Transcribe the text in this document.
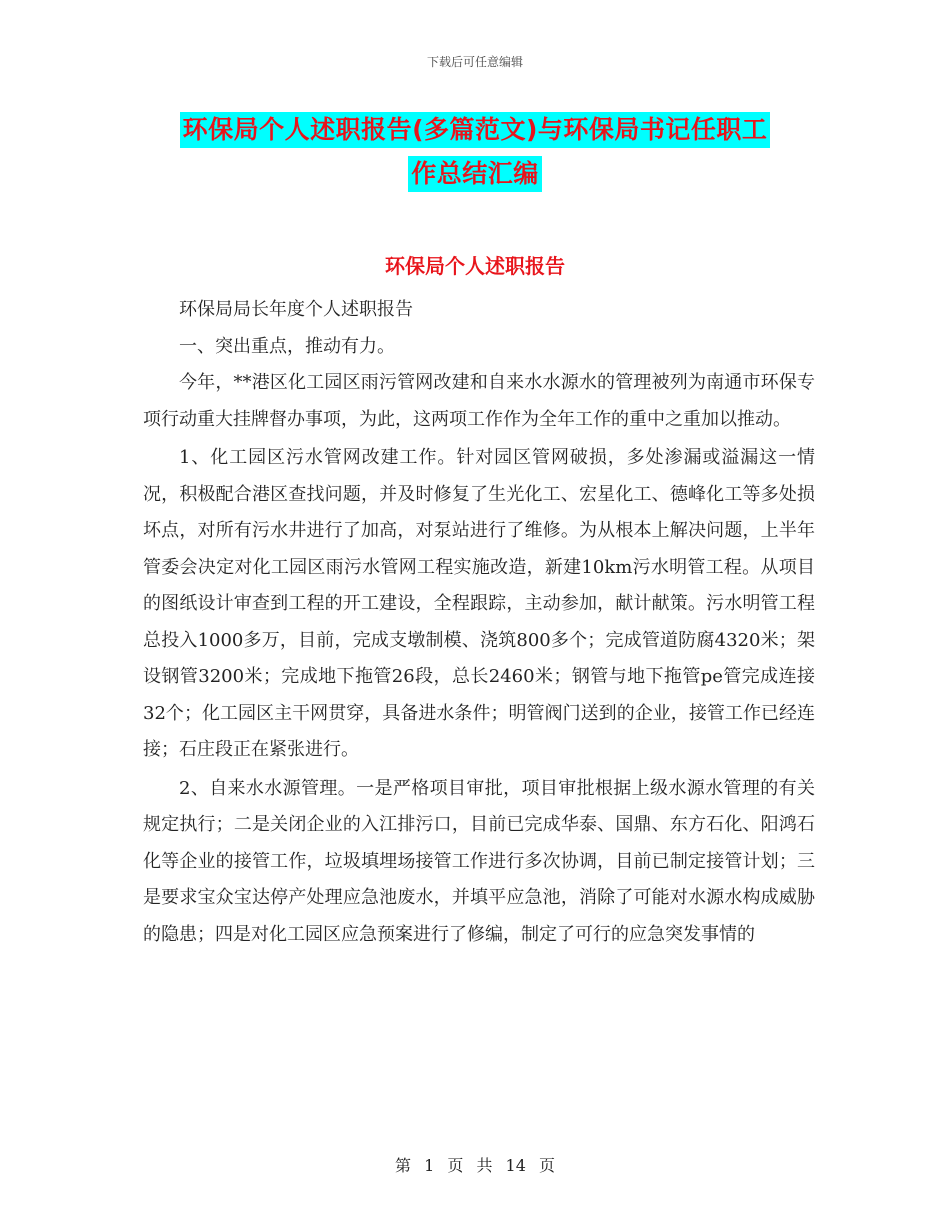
下载后可任意编辑
环保局个人述职报告(多篇范文)与环保局书记任职工
作总结汇编
环保局个人述职报告

环保局局长年度个人述职报告

一、突出重点，推动有力。

今年，**港区化工园区雨污管网改建和自来水水源水的管理被列为南通市环保专项行动重大挂牌督办事项，为此，这两项工作作为全年工作的重中之重加以推动。

1、化工园区污水管网改建工作。针对园区管网破损，多处渗漏或溢漏这一情况，积极配合港区查找问题，并及时修复了生光化工、宏星化工、德峰化工等多处损坏点，对所有污水井进行了加高，对泵站进行了维修。为从根本上解决问题，上半年管委会决定对化工园区雨污水管网工程实施改造，新建10km污水明管工程。从项目的图纸设计审查到工程的开工建设，全程跟踪，主动参加，献计献策。污水明管工程总投入1000多万，目前，完成支墩制模、浇筑800多个；完成管道防腐4320米；架设钢管3200米；完成地下拖管26段，总长2460米；钢管与地下拖管pe管完成连接32个；化工园区主干网贯穿，具备进水条件；明管阀门送到的企业，接管工作已经连接；石庄段正在紧张进行。

2、自来水水源管理。一是严格项目审批，项目审批根据上级水源水管理的有关规定执行；二是关闭企业的入江排污口，目前已完成华泰、国鼎、东方石化、阳鸿石化等企业的接管工作，垃圾填埋场接管工作进行多次协调，目前已制定接管计划；三是要求宝众宝达停产处理应急池废水，并填平应急池，消除了可能对水源水构成威胁的隐患；四是对化工园区应急预案进行了修编，制定了可行的应急突发事情的

第 1 页 共 14 页
